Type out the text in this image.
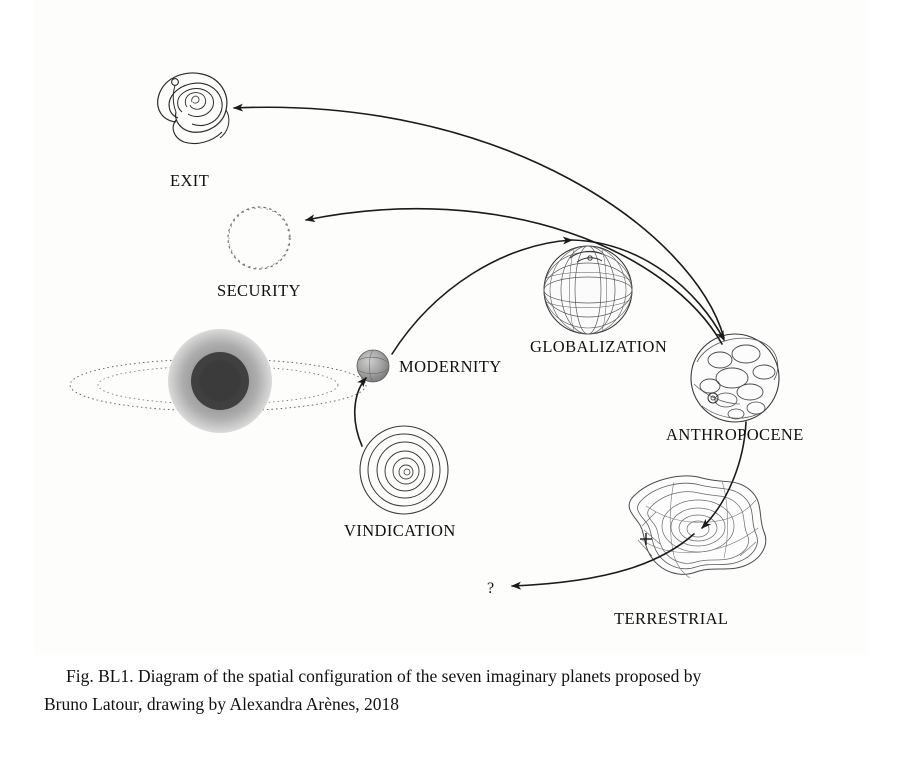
EXIT
SECURITY
GLOBALIZATION
MODERNITY
ANTHROPOCENE
VINDICATION
TERRESTRIAL
?
Fig. BL1. Diagram of the spatial configuration of the seven imaginary planets proposed by
Bruno Latour, drawing by Alexandra Arènes, 2018
